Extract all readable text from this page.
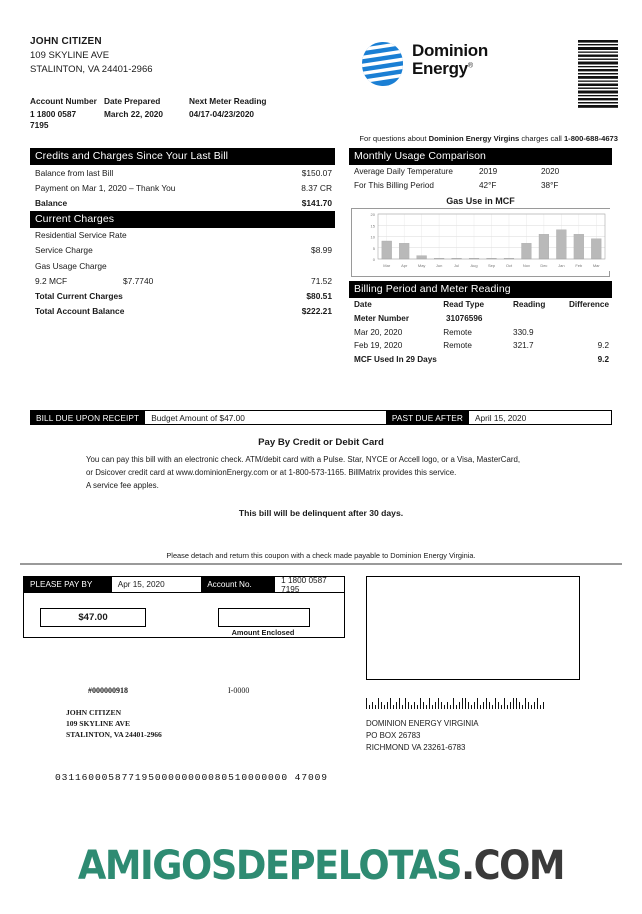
JOHN CITIZEN
109 SKYLINE AVE
STALINTON, VA 24401-2966
Account Number Date Prepared	Next Meter Reading
1 1800 0587	March 22, 2020	04/17-04/23/2020
7195
Dominion
Energy®
For questions about Dominion Energy Virgins charges call 1-800-688-4673
Credits and Charges Since Your Last Bill
Balance from last Bill	$150.07
Payment on Mar 1, 2020 – Thank You	8.37 CR
Balance	$141.70
Current Charges
Residential Service Rate
Service Charge	$8.99
Gas Usage Charge
9.2 MCF	$7.7740	71.52
Total Current Charges	$80.51
Total Account Balance	$222.21
Monthly Usage Comparison
Average Daily Temperature	2019	2020
For This Billing Period	42°F	38°F
Gas Use in MCF
0
5
10
15
20
Mar	Apr	May	Jun	Jul	Aug	Sep	Oct	Nov	Dec	Jan	Feb	Mar
Billing Period and Meter Reading
Date	Read Type	Reading	Difference
Meter Number	31076596
Mar 20, 2020	Remote	330.9
Feb 19, 2020	Remote	321.7	9.2
MCF Used In 29 Days	9.2
BILL DUE UPON RECEIPT	Budget Amount of $47.00	PAST DUE AFTER	April 15, 2020
Pay By Credit or Debit Card
You can pay this bill with an electronic check. ATM/debit card with a Pulse. Star, NYCE or Accell logo, or a Visa, MasterCard,
or Dsicover credit card at www.dominionEnergy.com or at 1-800-573-1165. BillMatrix provides this service.
A service fee apples.
This bill will be delinquent after 30 days.
Please detach and return this coupon with a check made payable to Dominion Energy Virginia.
PLEASE PAY BY	Apr 15, 2020	Account No.	1 1800 0587 7195
$47.00
Amount Enclosed
#000000918	I-0000
JOHN CITIZEN
109 SKYLINE AVE
STALINTON, VA 24401-2966
DOMINION ENERGY VIRGINIA
PO BOX 26783
RICHMOND VA 23261-6783
03116000587719500000000080510000000 47009
AMIGOSDEPELOTAS.COM
